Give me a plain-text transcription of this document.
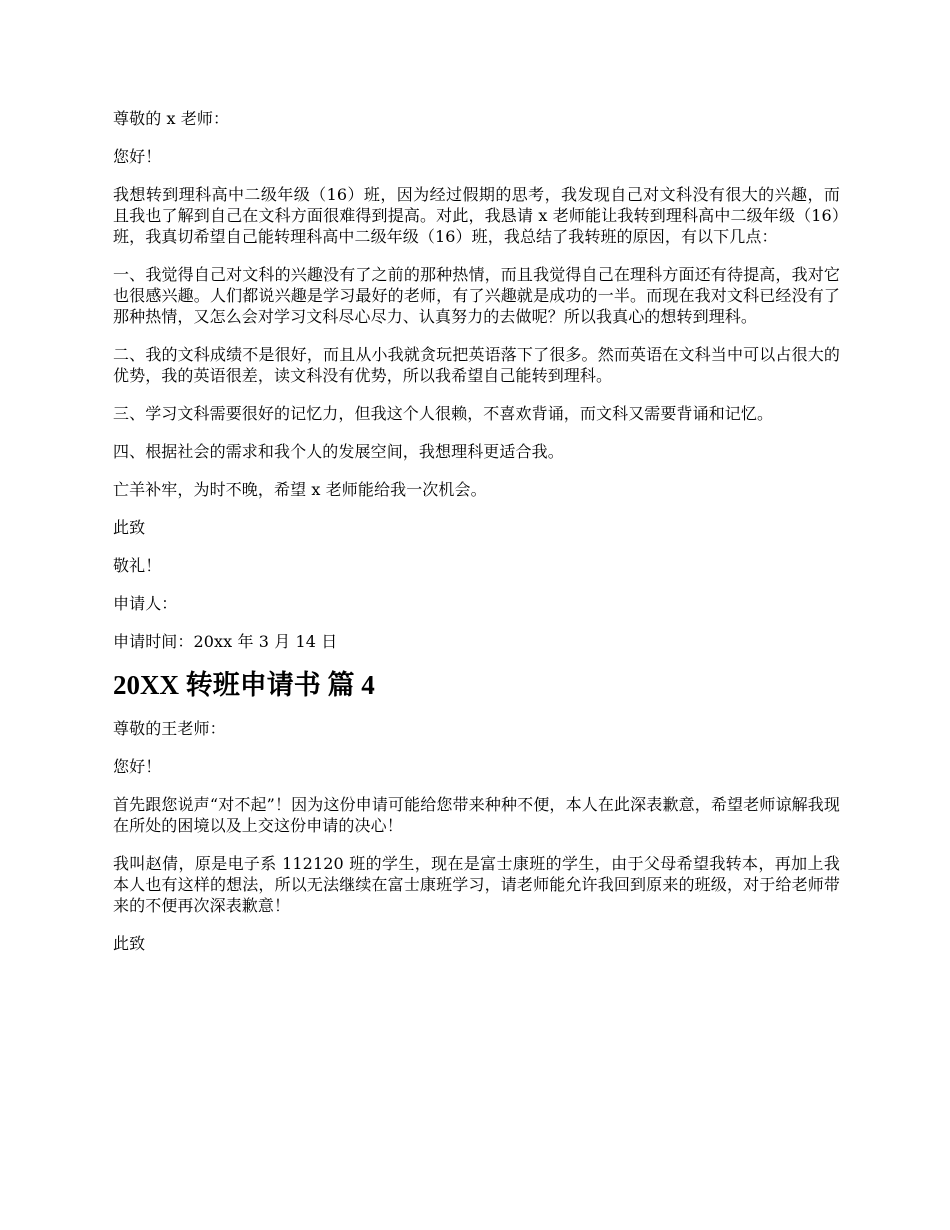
尊敬的 x 老师：

您好！

我想转到理科高中二级年级（16）班，因为经过假期的思考，我发现自己对文科没有很大的兴趣，而且我也了解到自己在文科方面很难得到提高。对此，我恳请 x 老师能让我转到理科高中二级年级（16）班，我真切希望自己能转理科高中二级年级（16）班，我总结了我转班的原因，有以下几点：

一、我觉得自己对文科的兴趣没有了之前的那种热情，而且我觉得自己在理科方面还有待提高，我对它也很感兴趣。人们都说兴趣是学习最好的老师，有了兴趣就是成功的一半。而现在我对文科已经没有了那种热情，又怎么会对学习文科尽心尽力、认真努力的去做呢？所以我真心的想转到理科。

二、我的文科成绩不是很好，而且从小我就贪玩把英语落下了很多。然而英语在文科当中可以占很大的优势，我的英语很差，读文科没有优势，所以我希望自己能转到理科。

三、学习文科需要很好的记忆力，但我这个人很赖，不喜欢背诵，而文科又需要背诵和记忆。

四、根据社会的需求和我个人的发展空间，我想理科更适合我。

亡羊补牢，为时不晚，希望 x 老师能给我一次机会。

此致

敬礼！

申请人：

申请时间：20xx 年 3 月 14 日

20XX 转班申请书 篇 4

尊敬的王老师：

您好！

首先跟您说声“对不起”！因为这份申请可能给您带来种种不便，本人在此深表歉意，希望老师谅解我现在所处的困境以及上交这份申请的决心！

我叫赵倩，原是电子系 112120 班的学生，现在是富士康班的学生，由于父母希望我转本，再加上我本人也有这样的想法，所以无法继续在富士康班学习，请老师能允许我回到原来的班级，对于给老师带来的不便再次深表歉意！

此致
